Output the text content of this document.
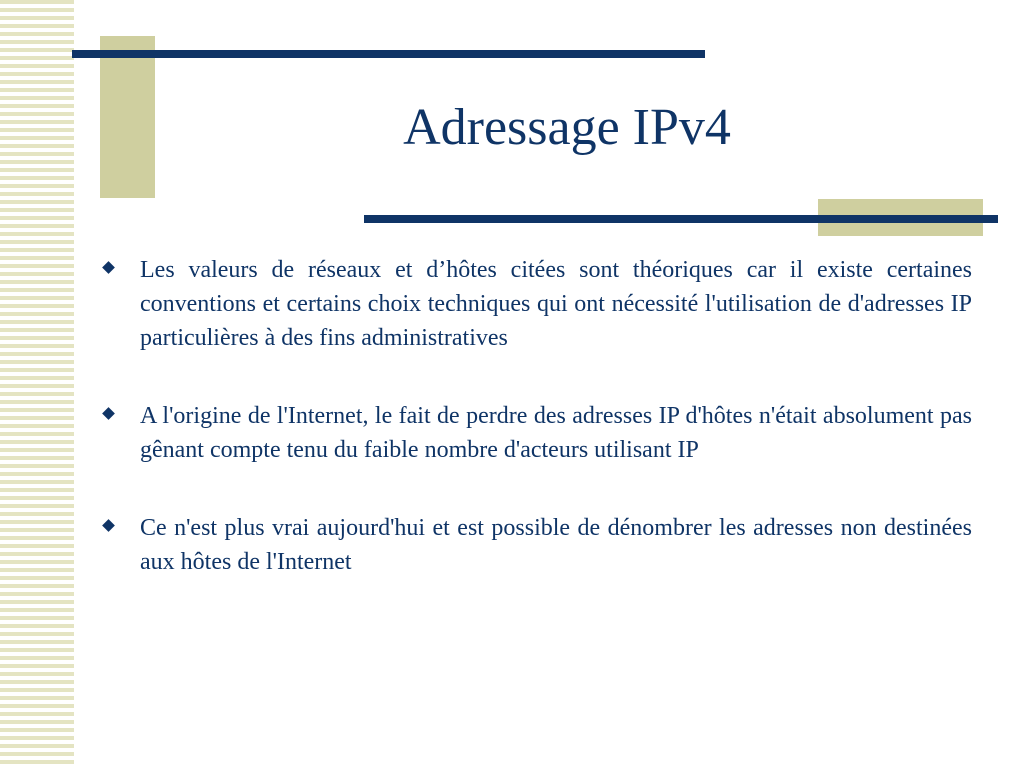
Adressage IPv4
Les valeurs de réseaux et d’hôtes citées sont théoriques car il existe certaines conventions et certains choix techniques qui ont nécessité l'utilisation de d'adresses IP particulières à des fins administratives
A l'origine de l'Internet, le fait de perdre des adresses IP d'hôtes n'était absolument pas gênant compte tenu du faible nombre d'acteurs utilisant IP
Ce n'est plus vrai aujourd'hui et est possible de dénombrer les adresses non destinées aux hôtes de l'Internet
